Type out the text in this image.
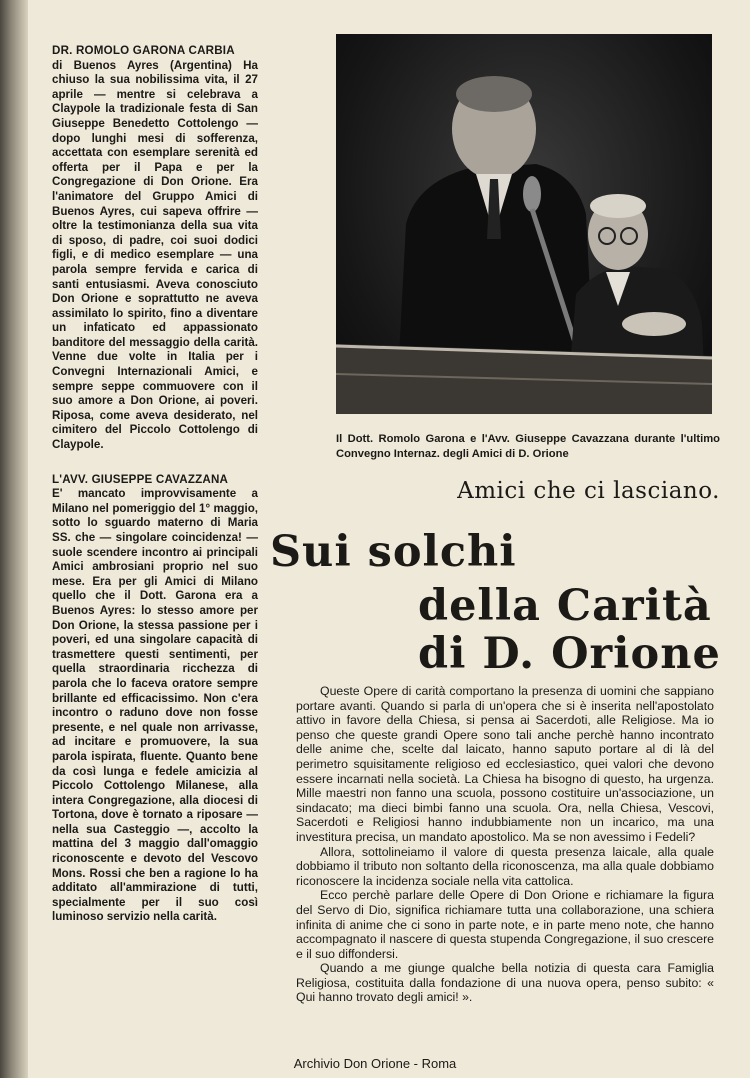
DR. ROMOLO GARONA CARBIA
di Buenos Ayres (Argentina) Ha chiuso la sua nobilissima vita, il 27 aprile — mentre si celebrava a Claypole la tradizionale festa di San Giuseppe Benedetto Cottolengo — dopo lunghi mesi di sofferenza, accettata con esemplare serenità ed offerta per il Papa e per la Congregazione di Don Orione. Era l'animatore del Gruppo Amici di Buenos Ayres, cui sapeva offrire — oltre la testimonianza della sua vita di sposo, di padre, coi suoi dodici figli, e di medico esemplare — una parola sempre fervida e carica di santi entusiasmi. Aveva conosciuto Don Orione e soprattutto ne aveva assimilato lo spirito, fino a diventare un infaticato ed appassionato banditore del messaggio della carità. Venne due volte in Italia per i Convegni Internazionali Amici, e sempre seppe commuovere con il suo amore a Don Orione, ai poveri. Riposa, come aveva desiderato, nel cimitero del Piccolo Cottolengo di Claypole.
L'AVV. GIUSEPPE CAVAZZANA
E' mancato improvvisamente a Milano nel pomeriggio del 1° maggio, sotto lo sguardo materno di Maria SS. che — singolare coincidenza! — suole scendere incontro ai principali Amici ambrosiani proprio nel suo mese. Era per gli Amici di Milano quello che il Dott. Garona era a Buenos Ayres: lo stesso amore per Don Orione, la stessa passione per i poveri, ed una singolare capacità di trasmettere questi sentimenti, per quella straordinaria ricchezza di parola che lo faceva oratore sempre brillante ed efficacissimo. Non c'era incontro o raduno dove non fosse presente, e nel quale non arrivasse, ad incitare e promuovere, la sua parola ispirata, fluente. Quanto bene da così lunga e fedele amicizia al Piccolo Cottolengo Milanese, alla intera Congregazione, alla diocesi di Tortona, dove è tornato a riposare — nella sua Casteggio —, accolto la mattina del 3 maggio dall'omaggio riconoscente e devoto del Vescovo Mons. Rossi che ben a ragione lo ha additato all'ammirazione di tutti, specialmente per il suo così luminoso servizio nella carità.
Il Dott. Romolo Garona e l'Avv. Giuseppe Cavazzana durante l'ultimo Convegno Internaz. degli Amici di D. Orione
Amici che ci lasciano.
Sui solchi
della Carità
di D. Orione

Queste Opere di carità comportano la presenza di uomini che sappiano portare avanti. Quando si parla di un'opera che si è inserita nell'apostolato attivo in favore della Chiesa, si pensa ai Sacerdoti, alle Religiose. Ma io penso che queste grandi Opere sono tali anche perchè hanno incontrato delle anime che, scelte dal laicato, hanno saputo portare al di là del perimetro squisitamente religioso ed ecclesiastico, quei valori che devono essere incarnati nella società. La Chiesa ha bisogno di questo, ha urgenza. Mille maestri non fanno una scuola, possono costituire un'associazione, un sindacato; ma dieci bimbi fanno una scuola. Ora, nella Chiesa, Vescovi, Sacerdoti e Religiosi hanno indubbiamente non un incarico, ma una investitura precisa, un mandato apostolico. Ma se non avessimo i Fedeli?

Allora, sottolineiamo il valore di questa presenza laicale, alla quale dobbiamo il tributo non soltanto della riconoscenza, ma alla quale dobbiamo riconoscere la incidenza sociale nella vita cattolica.

Ecco perchè parlare delle Opere di Don Orione e richiamare la figura del Servo di Dio, significa richiamare tutta una collaborazione, una schiera infinita di anime che ci sono in parte note, e in parte meno note, che hanno accompagnato il nascere di questa stupenda Congregazione, il suo crescere e il suo diffondersi.

Quando a me giunge qualche bella notizia di questa cara Famiglia Religiosa, costituita dalla fondazione di una nuova opera, penso subito: « Qui hanno trovato degli amici! ».

Archivio Don Orione - Roma
